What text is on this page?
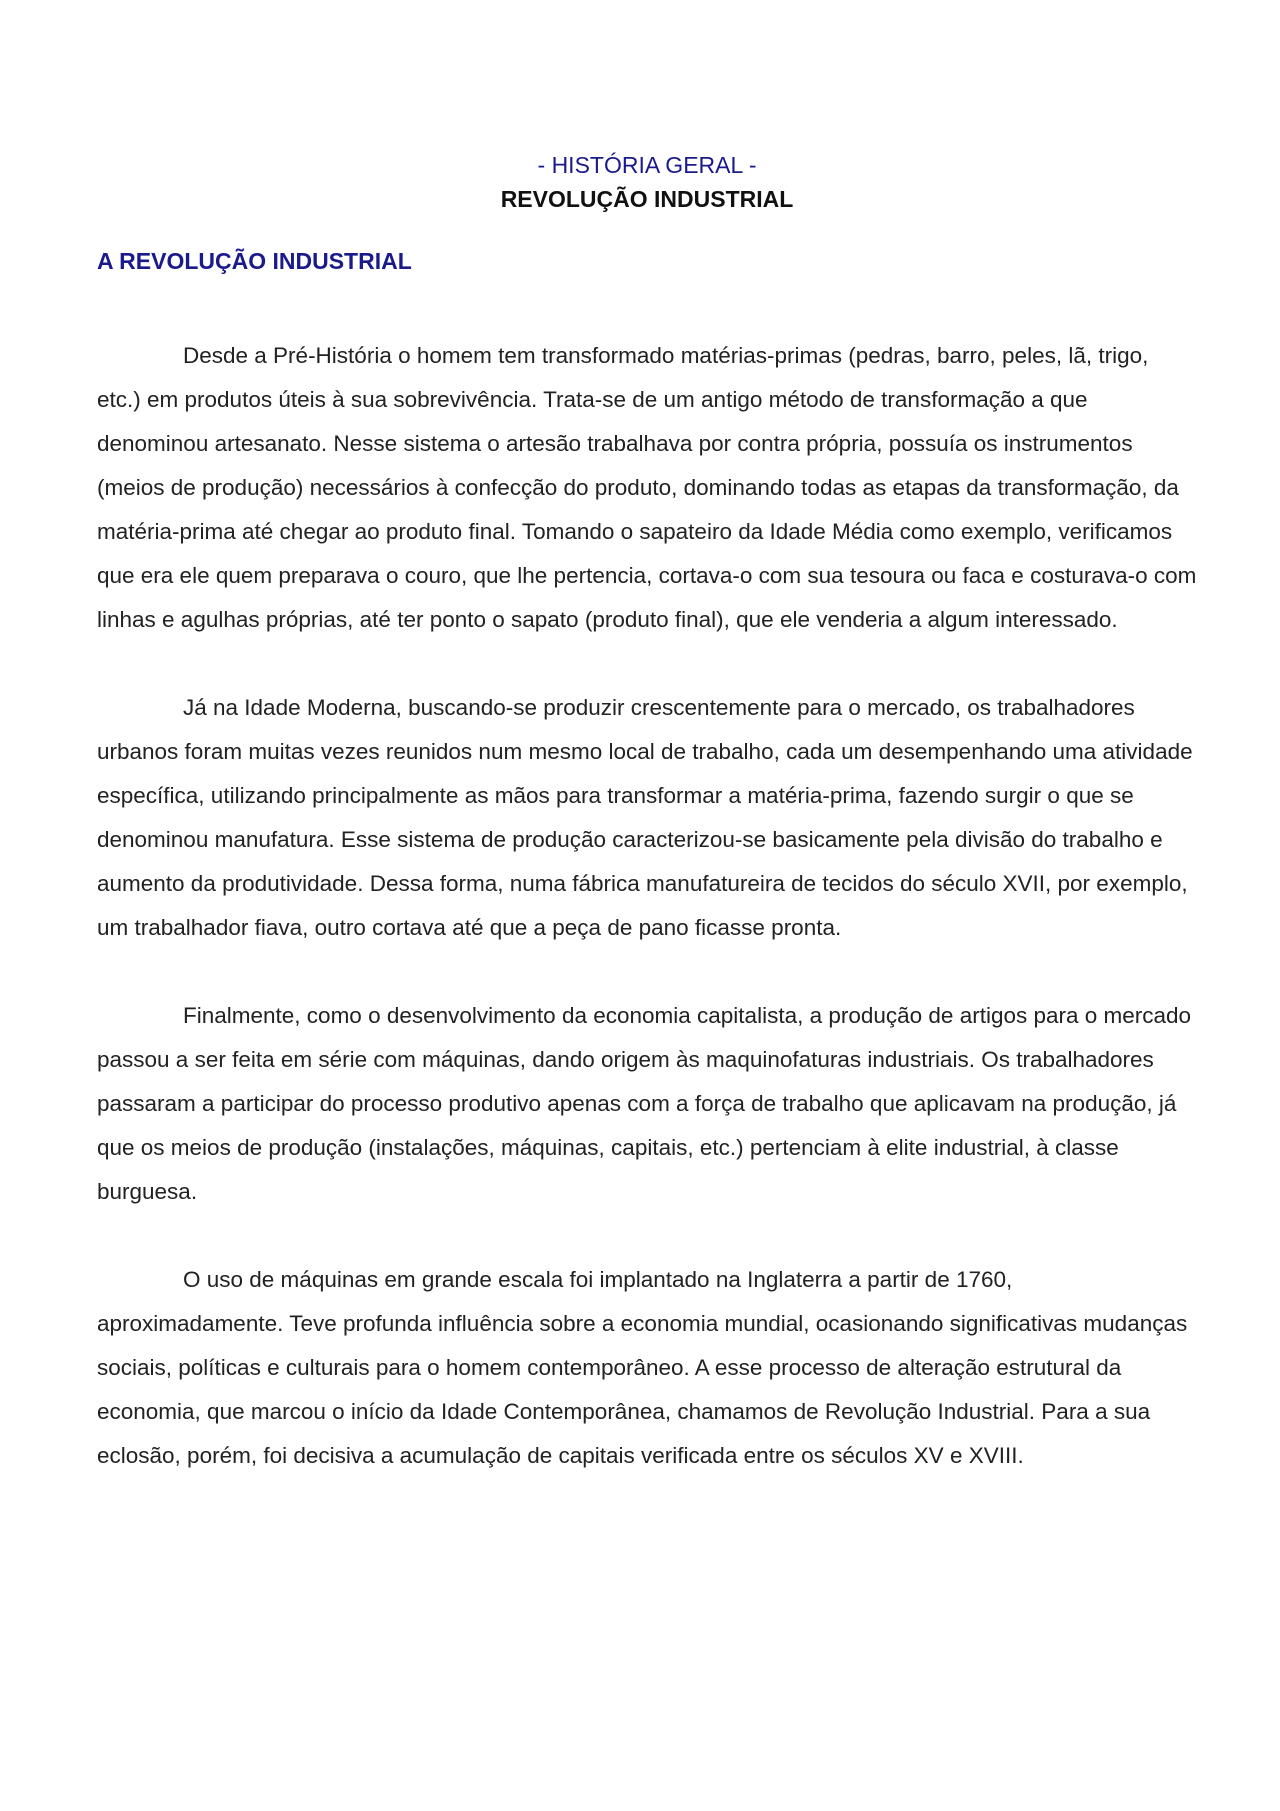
- HISTÓRIA GERAL -

REVOLUÇÃO INDUSTRIAL

A REVOLUÇÃO INDUSTRIAL

Desde a Pré-História o homem tem transformado matérias-primas (pedras, barro, peles, lã, trigo, etc.) em produtos úteis à sua sobrevivência. Trata-se de um antigo método de transformação a que denominou artesanato. Nesse sistema o artesão trabalhava por contra própria, possuía os instrumentos (meios de produção) necessários à confecção do produto, dominando todas as etapas da transformação, da matéria-prima até chegar ao produto final. Tomando o sapateiro da Idade Média como exemplo, verificamos que era ele quem preparava o couro, que lhe pertencia, cortava-o com sua tesoura ou faca e costurava-o com linhas e agulhas próprias, até ter ponto o sapato (produto final), que ele venderia a algum interessado.

Já na Idade Moderna, buscando-se produzir crescentemente para o mercado, os trabalhadores urbanos foram muitas vezes reunidos num mesmo local de trabalho, cada um desempenhando uma atividade específica, utilizando principalmente as mãos para transformar a matéria-prima, fazendo surgir o que se denominou manufatura. Esse sistema de produção caracterizou-se basicamente pela divisão do trabalho e aumento da produtividade. Dessa forma, numa fábrica manufatureira de tecidos do século XVII, por exemplo, um trabalhador fiava, outro cortava até que a peça de pano ficasse pronta.

Finalmente, como o desenvolvimento da economia capitalista, a produção de artigos para o mercado passou a ser feita em série com máquinas, dando origem às maquinofaturas industriais. Os trabalhadores passaram a participar do processo produtivo apenas com a força de trabalho que aplicavam na produção, já que os meios de produção (instalações, máquinas, capitais, etc.) pertenciam à elite industrial, à classe burguesa.

O uso de máquinas em grande escala foi implantado na Inglaterra a partir de 1760, aproximadamente. Teve profunda influência sobre a economia mundial, ocasionando significativas mudanças sociais, políticas e culturais para o homem contemporâneo. A esse processo de alteração estrutural da economia, que marcou o início da Idade Contemporânea, chamamos de Revolução Industrial. Para a sua eclosão, porém, foi decisiva a acumulação de capitais verificada entre os séculos XV e XVIII.
